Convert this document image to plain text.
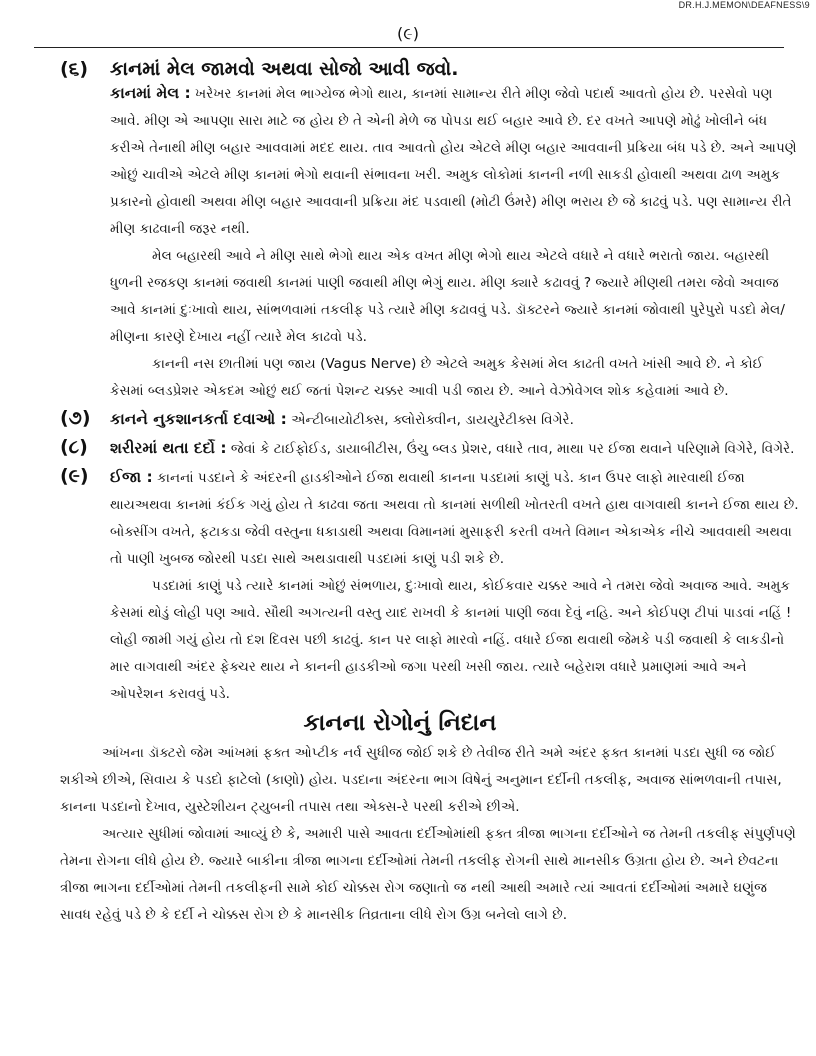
DR.H.J.MEMON\DEAFNESS\9
(૯)
(૬)	કાનમાં મેલ જામવો અથવા સોજો આવી જવો.

કાનમાં મેલ : ખરેખર કાનમાં મેલ ભાગ્યેજ ભેગો થાય, કાનમાં સામાન્ય રીતે મીણ જેવો પદાર્થ આવતો હોય છે. પરસેવો પણ આવે. મીણ એ આપણા સારા માટે જ હોય છે તે એની મેળે જ પોપડા થઈ બહાર આવે છે. દર વખતે આપણે મોઢું ખોલીને બંધ કરીએ તેનાથી મીણ બહાર આવવામાં મદદ થાય. તાવ આવતો હોય એટલે મીણ બહાર આવવાની પ્રક્રિયા બંધ પડે છે. અને આપણે ઓછું ચાવીએ એટલે મીણ કાનમાં ભેગો થવાની સંભાવના ખરી. અમુક લોકોમાં કાનની નળી સાકડી હોવાથી અથવા ઢાળ અમુક પ્રકારનો હોવાથી અથવા મીણ બહાર આવવાની પ્રક્રિયા મંદ પડવાથી (મોટી ઉંમરે) મીણ ભરાય છે જે કાઢવું પડે. પણ સામાન્ય રીતે મીણ કાઢવાની જરૂર નથી.

મેલ બહારથી આવે ને મીણ સાથે ભેગો થાય એક વખત મીણ ભેગો થાય એટલે વધારે ને વધારે ભરાતો જાય. બહારથી ધુળની રજકણ કાનમાં જવાથી કાનમાં પાણી જવાથી મીણ ભેગું થાય. મીણ ક્યારે કઢાવવું ? જ્યારે મીણથી તમરા જેવો અવાજ આવે કાનમાં દુઃખાવો થાય, સાંભળવામાં તકલીફ પડે ત્યારે મીણ કઢાવવું પડે. ડૉક્ટરને જ્યારે કાનમાં જોવાથી પુરેપુરો પડદો મેલ/મીણના કારણે દેખાય નહીં ત્યારે મેલ કાઢવો પડે.

કાનની નસ છાતીમાં પણ જાય (Vagus Nerve) છે એટલે અમુક કેસમાં મેલ કાઢતી વખતે ખાંસી આવે છે. ને કોઈ કેસમાં બ્લડપ્રેશર એકદમ ઓછું થઈ જતાં પેશન્ટ ચક્કર આવી પડી જાય છે. આને વેઝોવેગલ શોક કહેવામાં આવે છે.

(૭)	કાનને નુકશાનકર્તા દવાઓ : એન્ટીબાયોટીક્સ, ક્લોરોક્વીન, ડાયયુરેટીક્સ વિગેરે.

(૮)	શરીરમાં થતા દર્દો : જેવાં કે ટાઈફોઈડ, ડાયાબીટીસ, ઉંચુ બ્લડ પ્રેશર, વધારે તાવ, માથા પર ઈજા થવાને પરિણામે વિગેરે, વિગેરે.

(૯)	ઈજા : કાનનાં પડદાને કે અંદરની હાડકીઓને ઈજા થવાથી કાનના પડદામાં કાણું પડે. કાન ઉપર લાફો મારવાથી ઈજા થાયઅથવા કાનમાં કંઈક ગયું હોય તે કાઢવા જતા અથવા તો કાનમાં સળીથી ખોતરતી વખતે હાથ વાગવાથી કાનને ઈજા થાય છે. બોક્સીંગ વખતે, ફટાકડા જેવી વસ્તુના ધકાડાથી અથવા વિમાનમાં મુસાફરી કરતી વખતે વિમાન એકાએક નીચે આવવાથી અથવા તો પાણી ખુબજ જોરથી પડદા સાથે અથડાવાથી પડદામાં કાણું પડી શકે છે.

પડદામાં કાણું પડે ત્યારે કાનમાં ઓછું સંભળાય, દુઃખાવો થાય, કોઈકવાર ચક્કર આવે ને તમરા જેવો અવાજ આવે. અમુક કેસમાં થોડું લોહી પણ આવે. સૌથી અગત્યની વસ્તુ યાદ રાખવી કે કાનમાં પાણી જવા દેવું નહિ. અને કોઈપણ ટીપાં પાડવાં નહિં ! લોહી જામી ગયું હોય તો દશ દિવસ પછી કાઢવું. કાન પર લાફો મારવો નહિં. વધારે ઈજા થવાથી જેમકે પડી જવાથી કે લાકડીનો માર વાગવાથી અંદર ફેક્ચર થાય ને કાનની હાડકીઓ જગા પરથી ખસી જાય. ત્યારે બહેરાશ વધારે પ્રમાણમાં આવે અને ઓપરેશન કરાવવું પડે.

કાનના રોગોનું નિદાન

આંખના ડૉક્ટરો જેમ આંખમાં ફક્ત ઓપ્ટીક નર્વ સુધીજ જોઈ શકે છે તેવીજ રીતે અમે અંદર ફક્ત કાનમાં પડદા સુધી જ જોઈ શકીએ છીએ, સિવાય કે પડદો ફાટેલો (કાણો) હોય. પડદાના અંદરના ભાગ વિષેનું અનુમાન દર્દીની તકલીફ, અવાજ સાંભળવાની તપાસ, કાનના પડદાનો દેખાવ, યુસ્ટેશીયન ટ્યુબની તપાસ તથા એક્સ-રે પરથી કરીએ છીએ.

અત્યાર સુધીમાં જોવામાં આવ્યું છે કે, અમારી પાસે આવતા દર્દીઓમાંથી ફક્ત ત્રીજા ભાગના દર્દીઓને જ તેમની તકલીફ સંપુર્ણપણે તેમના રોગના લીધે હોય છે. જ્યારે બાકીના ત્રીજા ભાગના દર્દીઓમાં તેમની તકલીફ રોગની સાથે માનસીક ઉગ્રતા હોય છે. અને છેવટના ત્રીજા ભાગના દર્દીઓમાં તેમની તકલીફની સામે કોઈ ચોક્કસ રોગ જણાતો જ નથી આથી અમારે ત્યાં આવતાં દર્દીઓમાં અમારે ઘણુંજ સાવધ રહેવું પડે છે કે દર્દી ને ચોક્કસ રોગ છે કે માનસીક તિવ્રતાના લીધે રોગ ઉગ્ર બનેલો લાગે છે.
